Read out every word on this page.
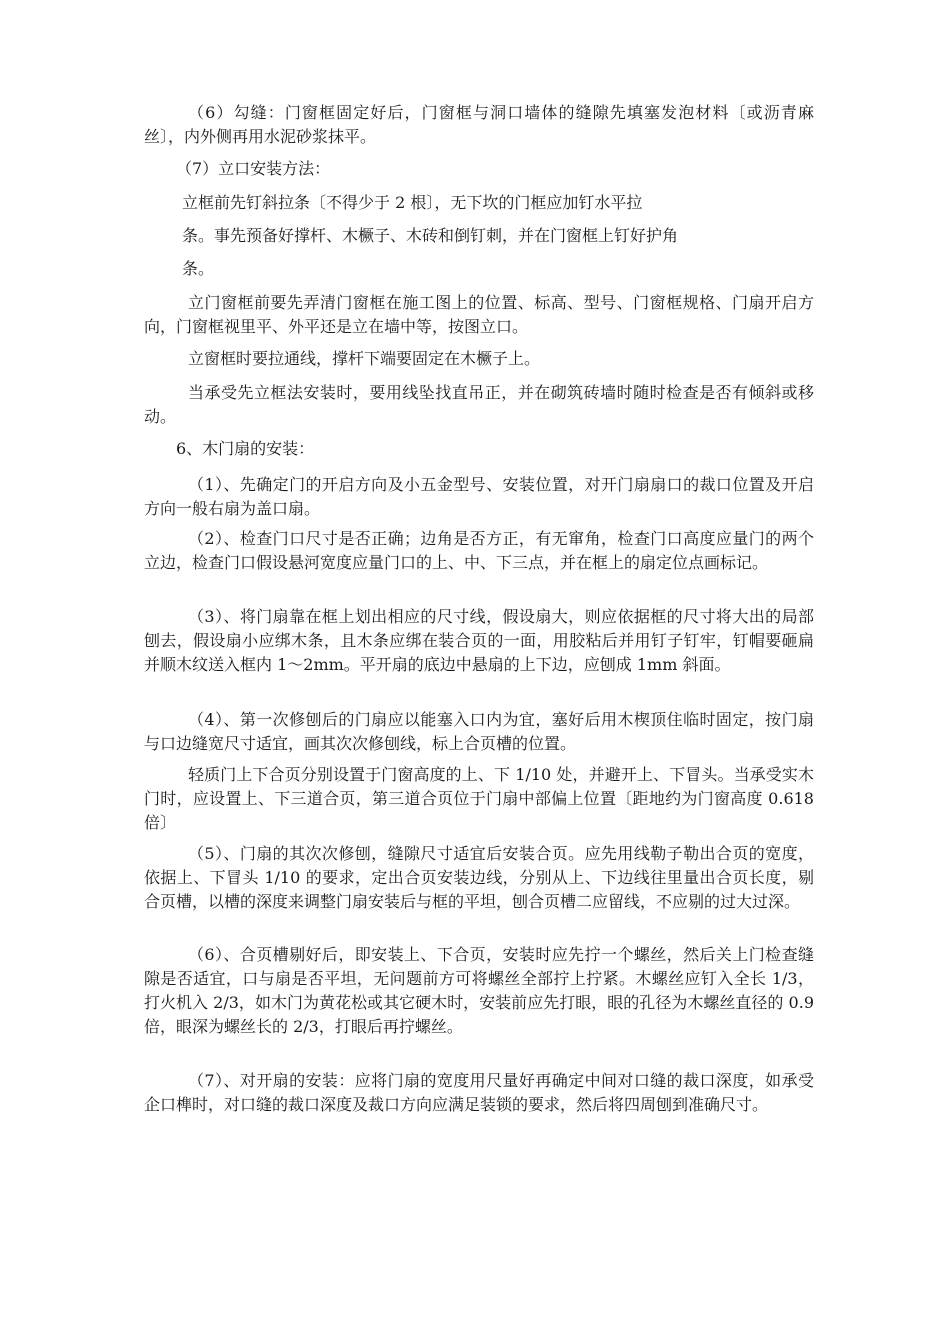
（6）勾缝：门窗框固定好后，门窗框与洞口墙体的缝隙先填塞发泡材料〔或沥青麻丝〕，内外侧再用水泥砂浆抹平。

（7）立口安装方法：

立框前先钉斜拉条〔不得少于 2 根〕，无下坎的门框应加钉水平拉

条。事先预备好撑杆、木橛子、木砖和倒钉刺，并在门窗框上钉好护角

条。

立门窗框前要先弄清门窗框在施工图上的位置、标高、型号、门窗框规格、门扇开启方向，门窗框视里平、外平还是立在墙中等，按图立口。

立窗框时要拉通线，撑杆下端要固定在木橛子上。

当承受先立框法安装时，要用线坠找直吊正，并在砌筑砖墙时随时检查是否有倾斜或移动。

6、木门扇的安装：

（1）、先确定门的开启方向及小五金型号、安装位置，对开门扇扇口的裁口位置及开启方向一般右扇为盖口扇。

（2）、检查门口尺寸是否正确；边角是否方正，有无窜角，检查门口高度应量门的两个立边，检查门口假设悬河宽度应量门口的上、中、下三点，并在框上的扇定位点画标记。

（3）、将门扇靠在框上划出相应的尺寸线，假设扇大，则应依据框的尺寸将大出的局部刨去，假设扇小应绑木条，且木条应绑在装合页的一面，用胶粘后并用钉子钉牢，钉帽要砸扁并顺木纹送入框内 1～2mm。平开扇的底边中悬扇的上下边，应刨成 1mm 斜面。

（4）、第一次修刨后的门扇应以能塞入口内为宜，塞好后用木楔顶住临时固定，按门扇与口边缝宽尺寸适宜，画其次次修刨线，标上合页槽的位置。

轻质门上下合页分别设置于门窗高度的上、下 1/10 处，并避开上、下冒头。当承受实木门时，应设置上、下三道合页，第三道合页位于门扇中部偏上位置〔距地约为门窗高度 0.618 倍〕

（5）、门扇的其次次修刨，缝隙尺寸适宜后安装合页。应先用线勒子勒出合页的宽度，依据上、下冒头 1/10 的要求，定出合页安装边线，分别从上、下边线往里量出合页长度，剔合页槽，以槽的深度来调整门扇安装后与框的平坦，刨合页槽二应留线，不应剔的过大过深。

（6）、合页槽剔好后，即安装上、下合页，安装时应先拧一个螺丝，然后关上门检查缝隙是否适宜，口与扇是否平坦，无问题前方可将螺丝全部拧上拧紧。木螺丝应钉入全长 1/3，打火机入 2/3，如木门为黄花松或其它硬木时，安装前应先打眼，眼的孔径为木螺丝直径的 0.9 倍，眼深为螺丝长的 2/3，打眼后再拧螺丝。

（7）、对开扇的安装：应将门扇的宽度用尺量好再确定中间对口缝的裁口深度，如承受企口榫时，对口缝的裁口深度及裁口方向应满足装锁的要求，然后将四周刨到准确尺寸。
